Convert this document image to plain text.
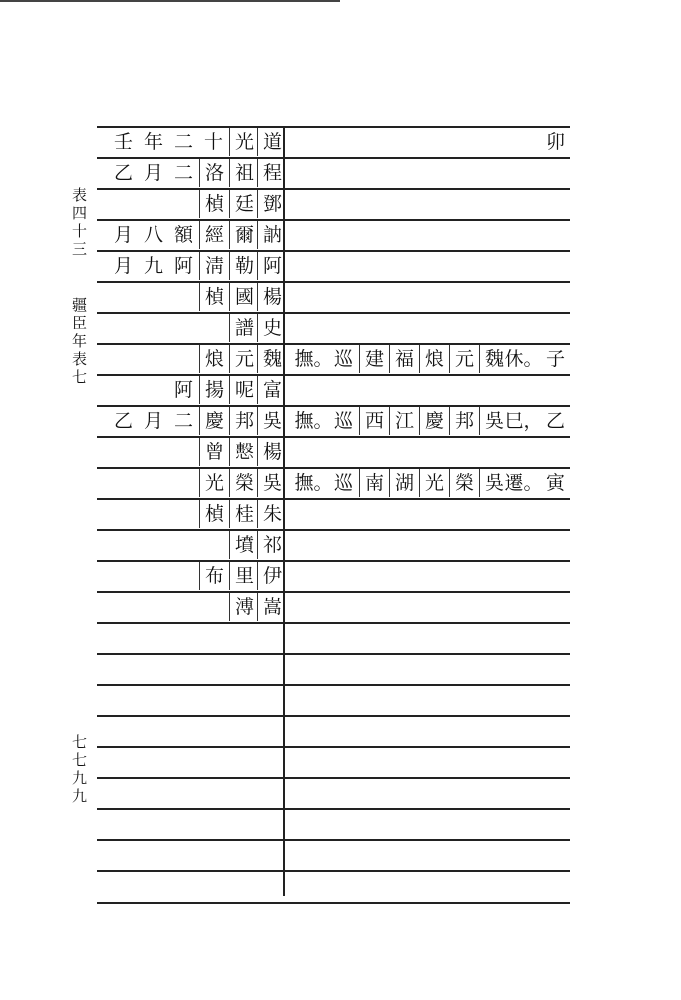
表
四
十
三
疆
臣
年
表
七
七
七
九
九
壬 年 二 十 光 道
乙 月 二 洛 祖 程
楨 廷 鄧
月 八 額 經 爾 訥
月 九 阿 淸 勒 阿
楨 國 楊
譜 史
烺 元 魏
阿 揚 呢 富
乙 月 二 慶 邦 吳
曾 𢢞 楊
光 榮 吳
楨 桂 朱
墳 祁
布 里 伊
溥 嵩
卯
撫。 巡 建 福 烺 元 魏 休。 子
撫。 巡 西 江 慶 邦 吳 巳， 乙
撫。 巡 南 湖 光 榮 吳 遷。 寅
